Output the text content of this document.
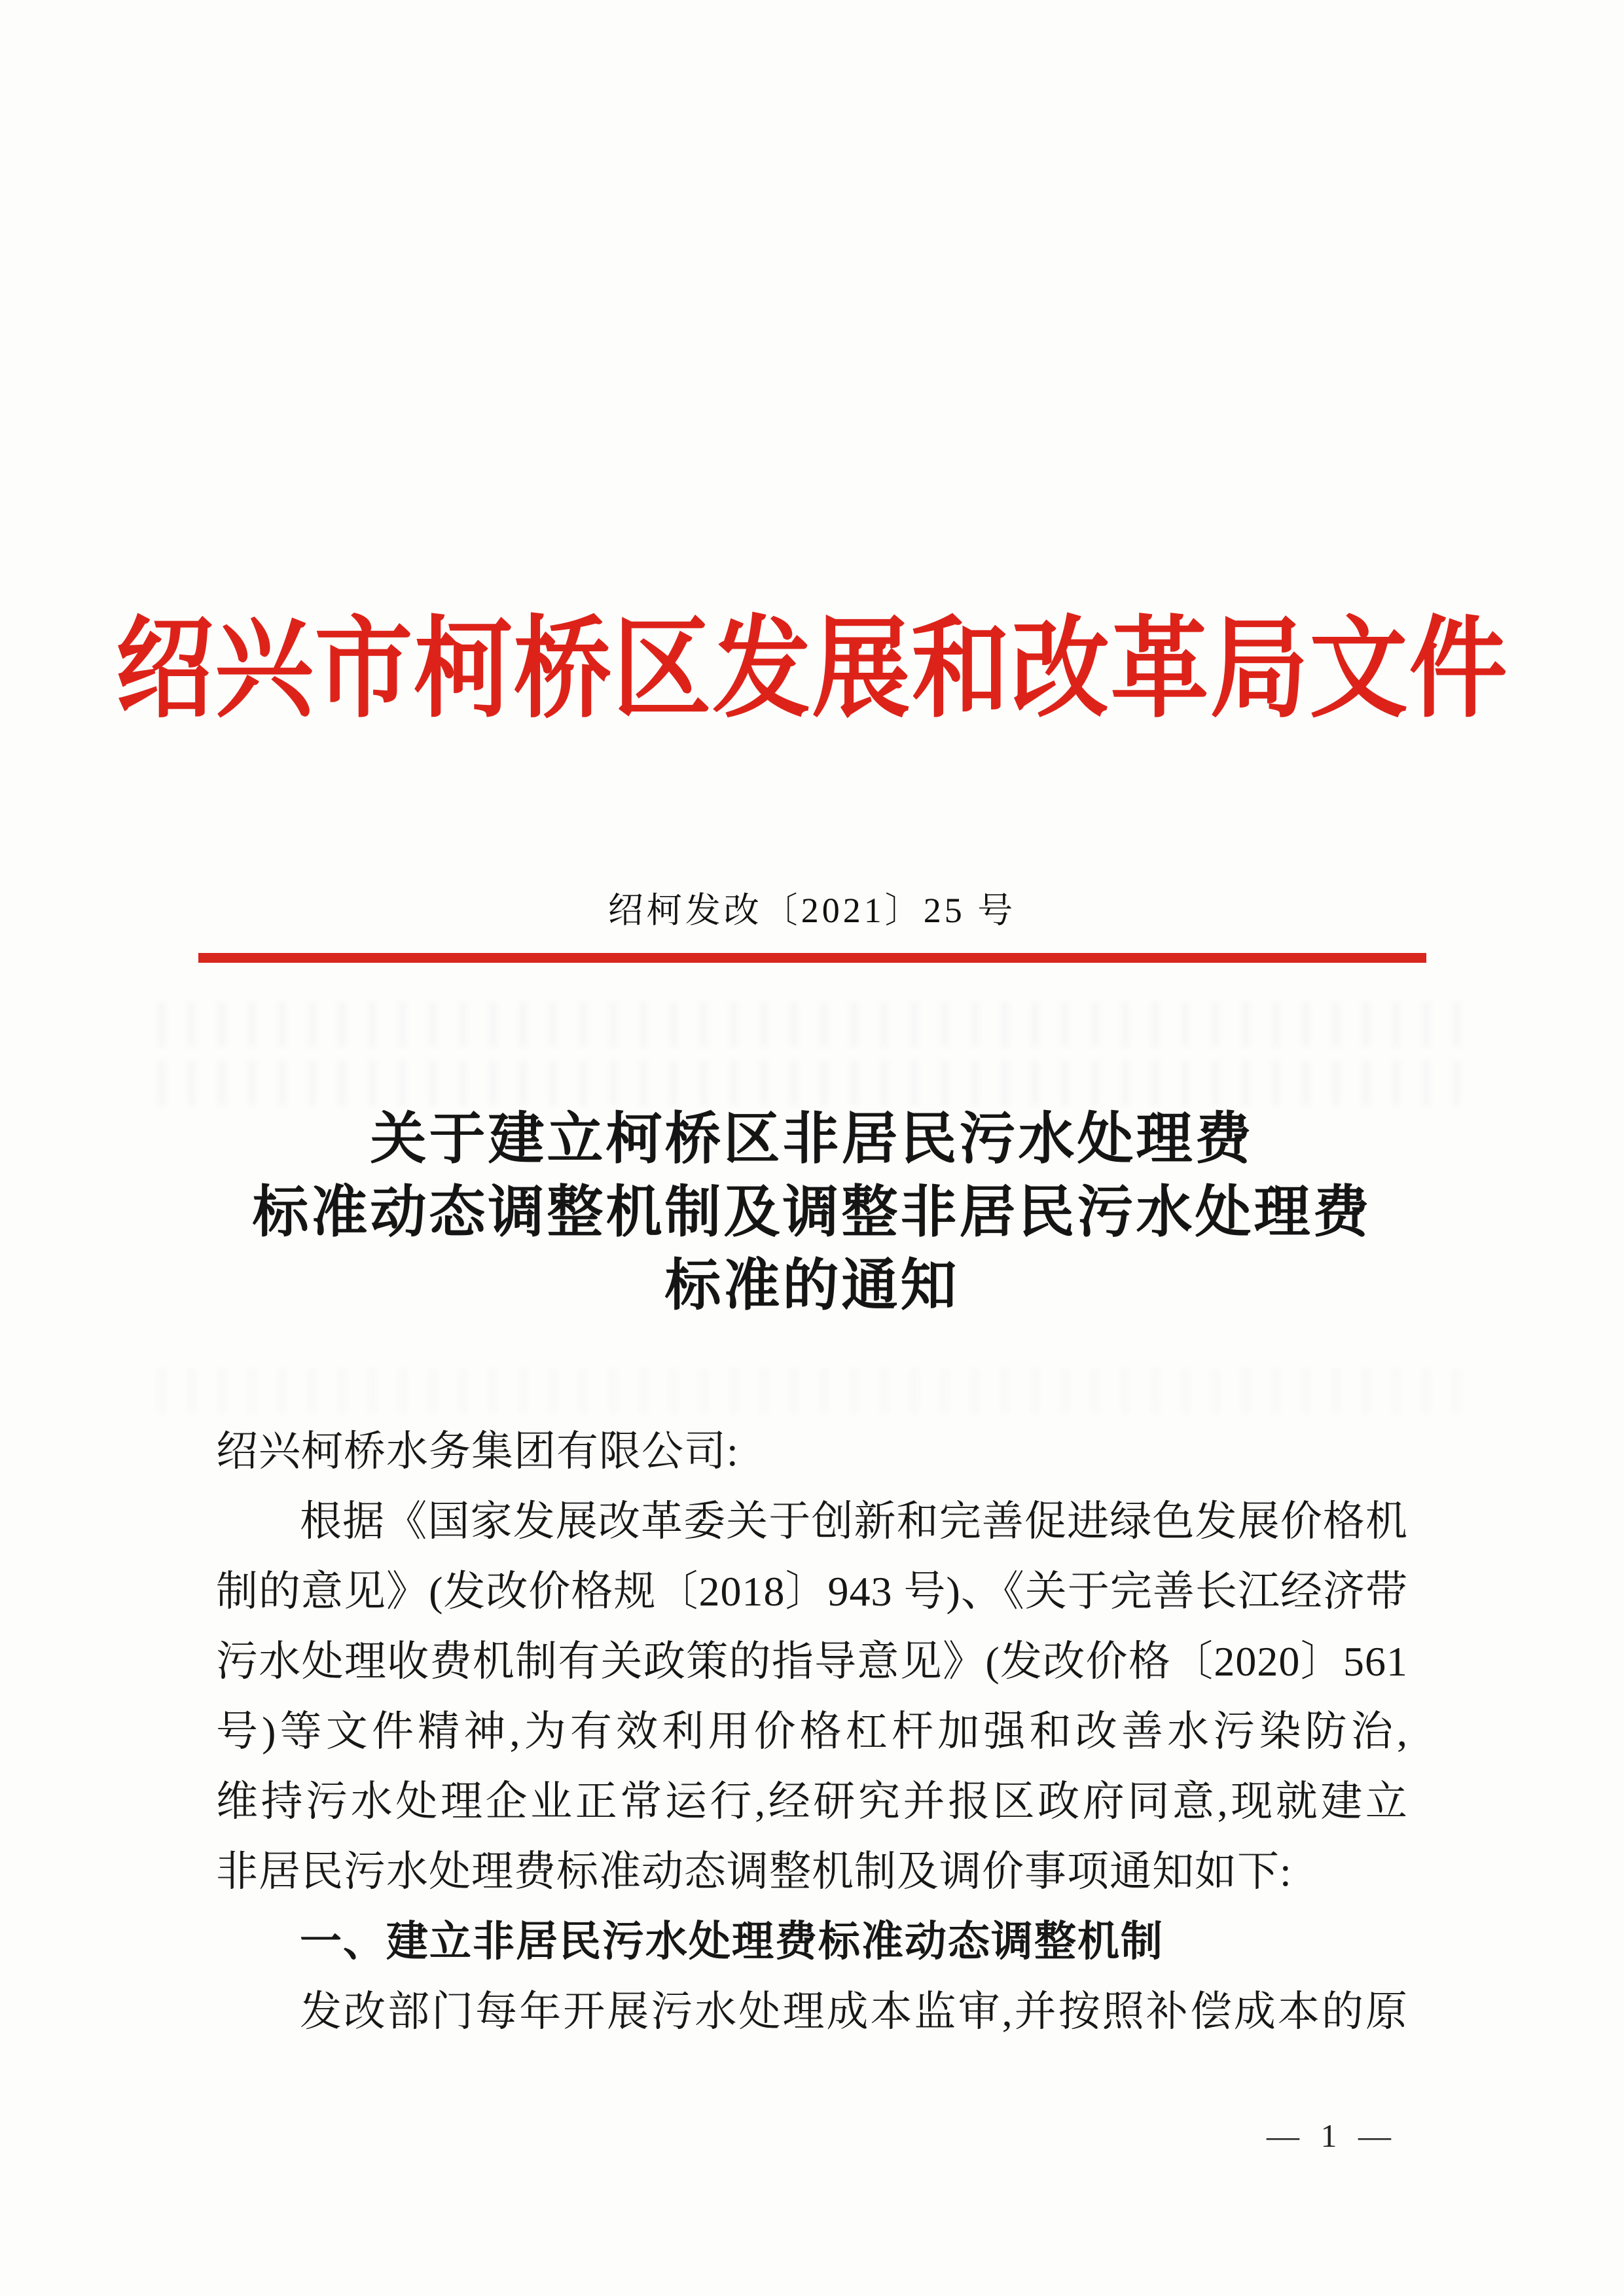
绍兴市柯桥区发展和改革局文件
绍柯发改〔2021〕25 号
关于建立柯桥区非居民污水处理费
标准动态调整机制及调整非居民污水处理费
标准的通知
绍兴柯桥水务集团有限公司:
根据《国家发展改革委关于创新和完善促进绿色发展价格机
制的意见》(发改价格规〔2018〕943 号)、《关于完善长江经济带
污水处理收费机制有关政策的指导意见》(发改价格〔2020〕561
号)等文件精神,为有效利用价格杠杆加强和改善水污染防治,
维持污水处理企业正常运行,经研究并报区政府同意,现就建立
非居民污水处理费标准动态调整机制及调价事项通知如下:
一、建立非居民污水处理费标准动态调整机制
发改部门每年开展污水处理成本监审,并按照补偿成本的原
— 1 —
